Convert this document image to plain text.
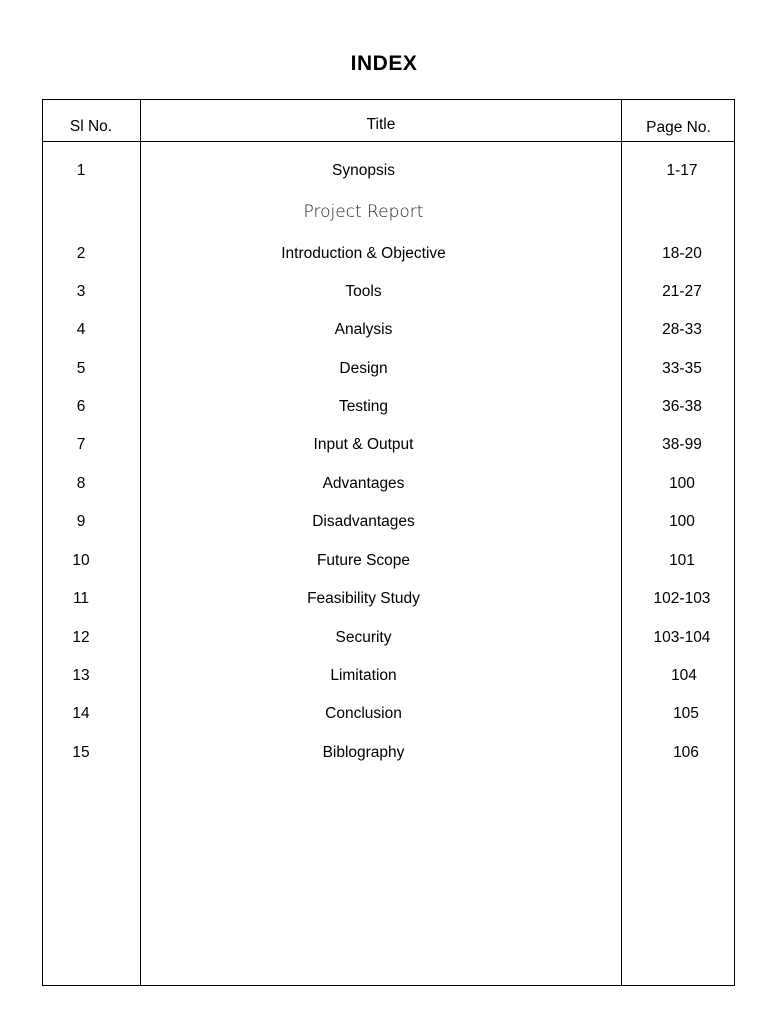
INDEX
Sl No.	Title	Page No.
1	Synopsis	1-17
Project Report
2	Introduction & Objective	18-20
3	Tools	21-27
4	Analysis	28-33
5	Design	33-35
6	Testing	36-38
7	Input & Output	38-99
8	Advantages	100
9	Disadvantages	100
10	Future Scope	101
11	Feasibility Study	102-103
12	Security	103-104
13	Limitation	104
14	Conclusion	105
15	Biblography	106
